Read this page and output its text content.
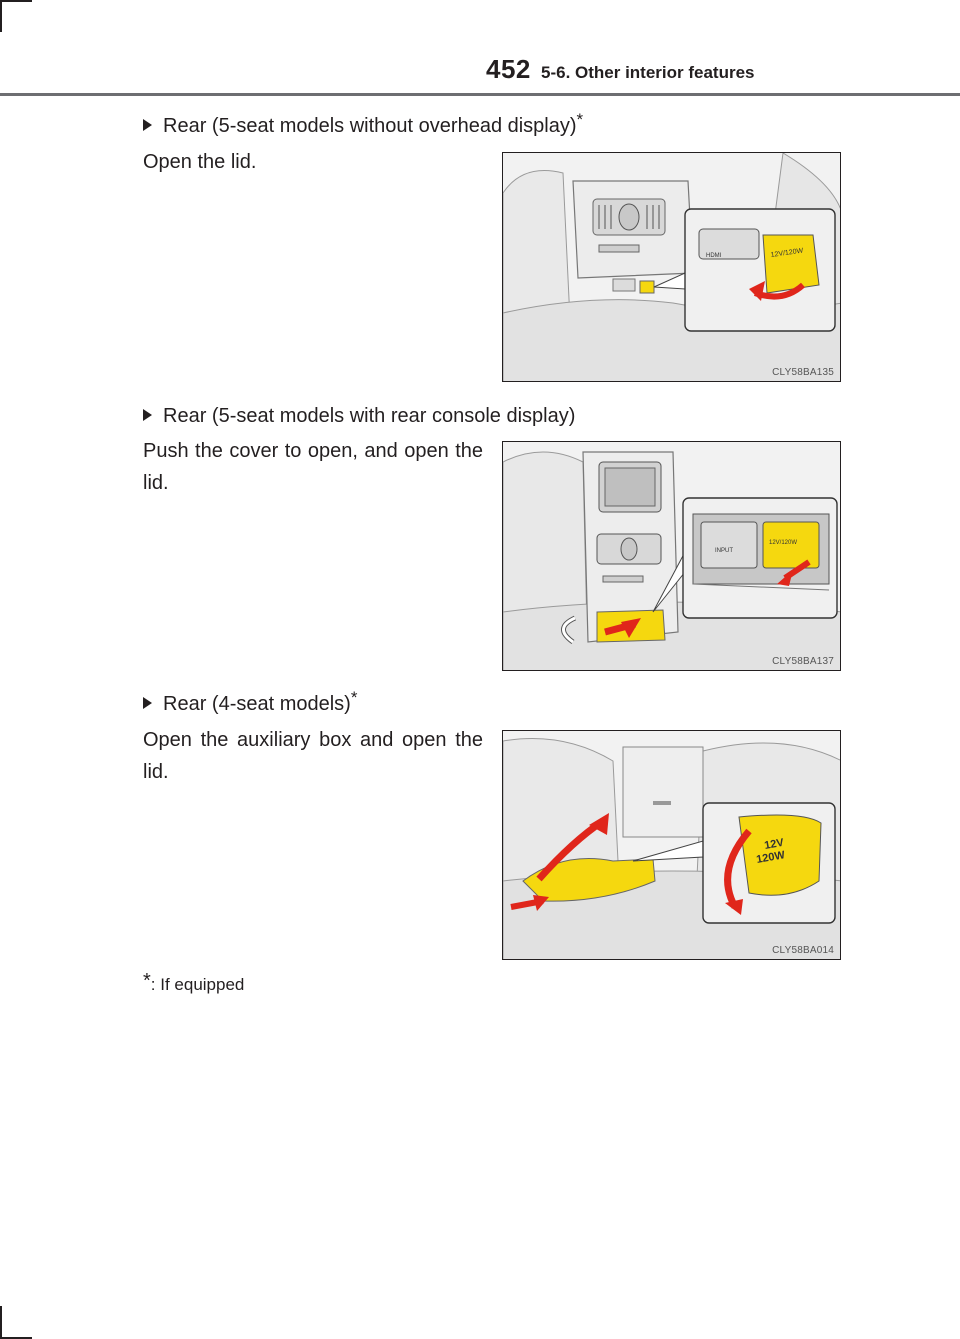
452 5-6. Other interior features
Rear (5-seat models without overhead display)*
Open the lid.
HDMI	12V/120W
CLY58BA135
Rear (5-seat models with rear console display)
Push the cover to open, and open the lid.
INPUT
12V/120W
CLY58BA137
Rear (4-seat models)*
Open the auxiliary box and open the lid.
12V
120W
CLY58BA014
*: If equipped
